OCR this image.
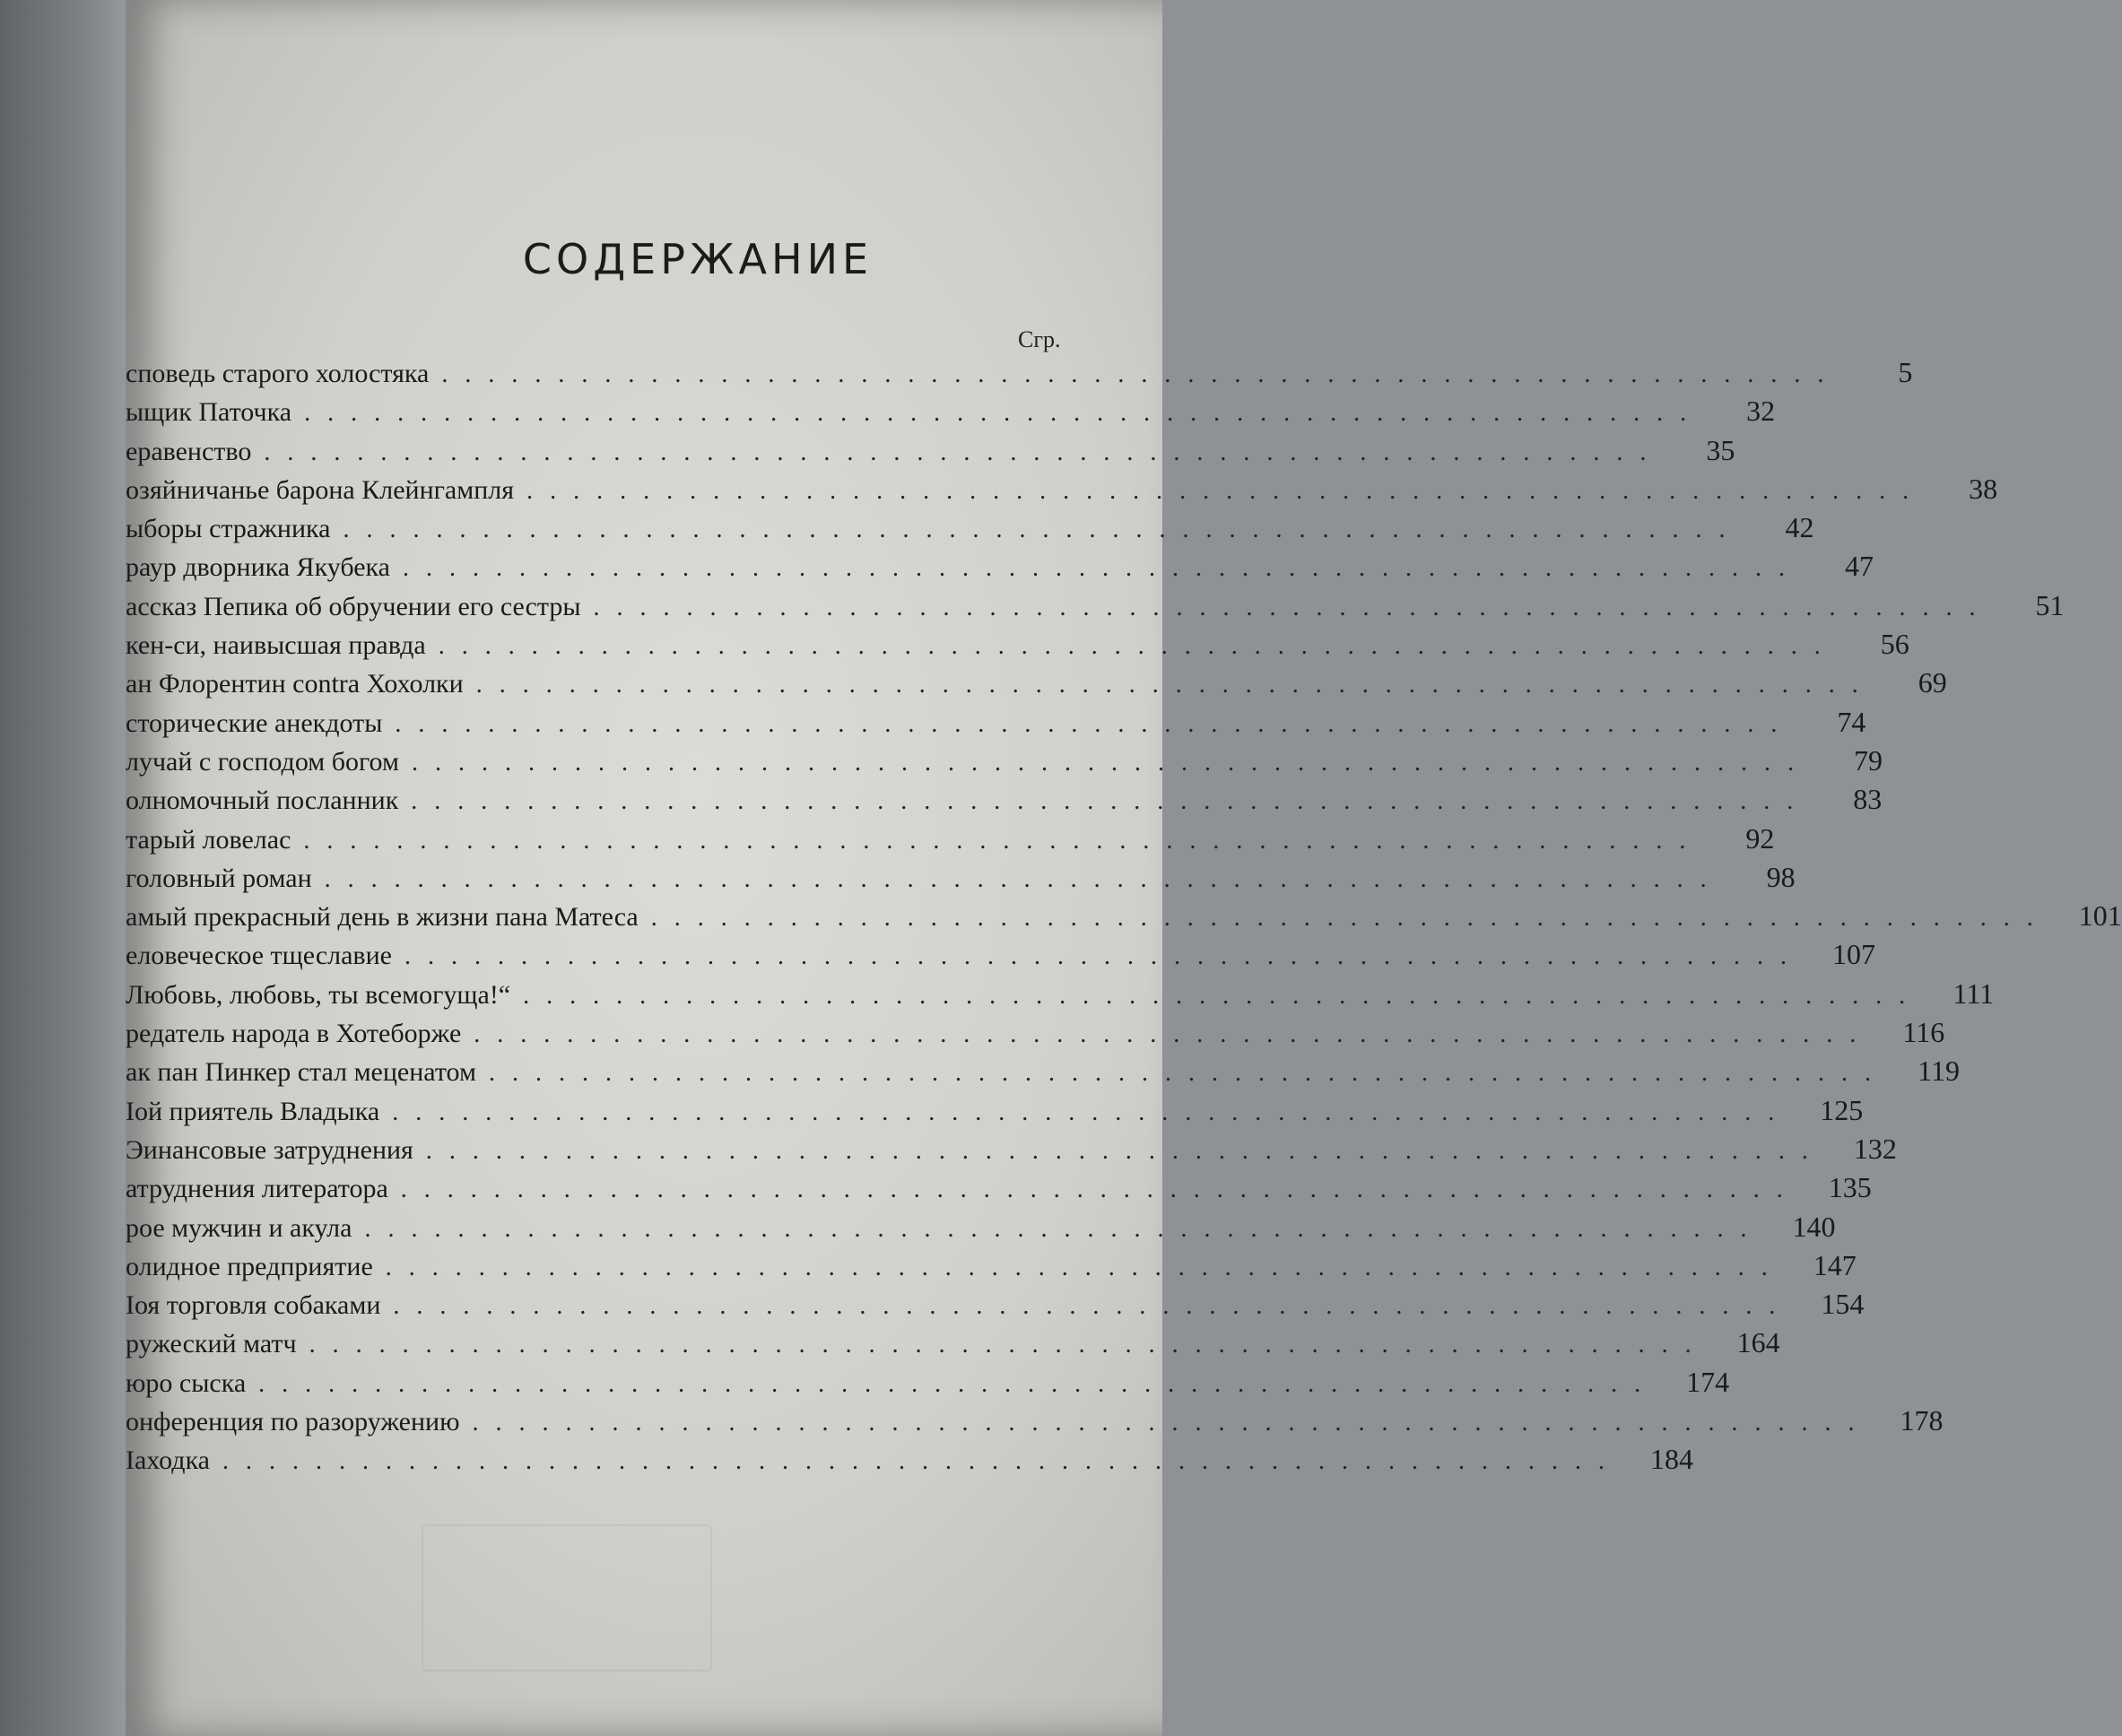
СОДЕРЖАНИЕ
Сгр.
споведь старого холостяка ............................................................	5
ыщик Паточка ............................................................	32
еравенство ............................................................	35
озяйничанье барона Клейнгампля ............................................................	38
ыборы стражника ............................................................	42
раур дворника Якубека ............................................................	47
ассказ Пепика об обручении его сестры ............................................................	51
кен-си, наивысшая правда ............................................................	56
ан Флорентин contra Хохолки ............................................................	69
сторические анекдоты ............................................................	74
лучай с господом богом ............................................................	79
олномочный посланник ............................................................	83
тарый ловелас ............................................................	92
головный роман ............................................................	98
амый прекрасный день в жизни пана Матеса ............................................................	101
еловеческое тщеславие ............................................................	107
Любовь, любовь, ты всемогуща!“ ............................................................	111
редатель народа в Хотеборже ............................................................	116
ак пан Пинкер стал меценатом ............................................................	119
Іой приятель Владыка ............................................................	125
Эинансовые затруднения ............................................................	132
атруднения литератора ............................................................	135
рое мужчин и акула ............................................................	140
олидное предприятие ............................................................	147
Іоя торговля собаками ............................................................	154
ружеский матч ............................................................	164
юро сыска ............................................................	174
онференция по разоружению ............................................................	178
Іаходка ............................................................	184
